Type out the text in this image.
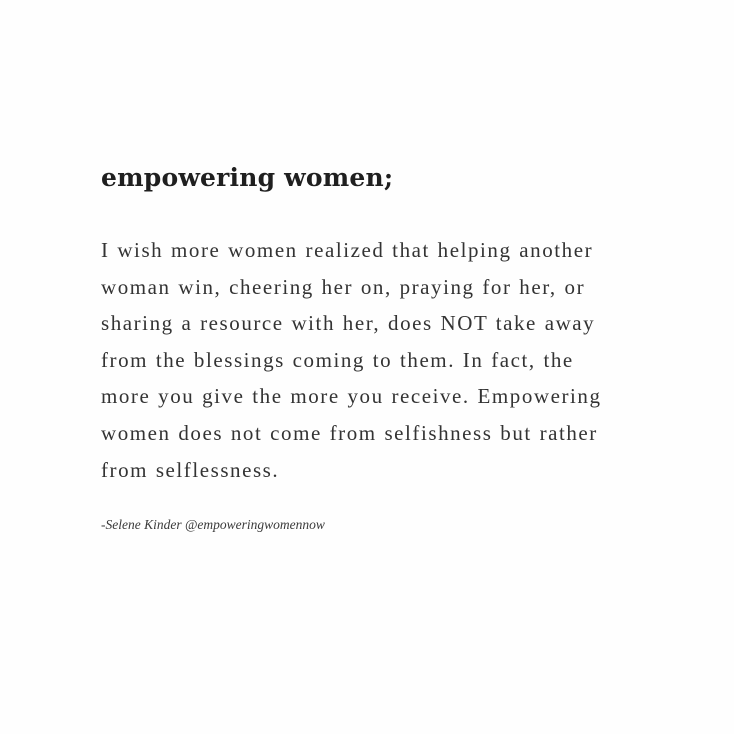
empowering women;
I wish more women realized that helping another
woman win, cheering her on, praying for her, or
sharing a resource with her, does NOT take away
from the blessings coming to them. In fact, the
more you give the more you receive. Empowering
women does not come from selfishness but rather
from selflessness.

-Selene Kinder @empoweringwomennow
